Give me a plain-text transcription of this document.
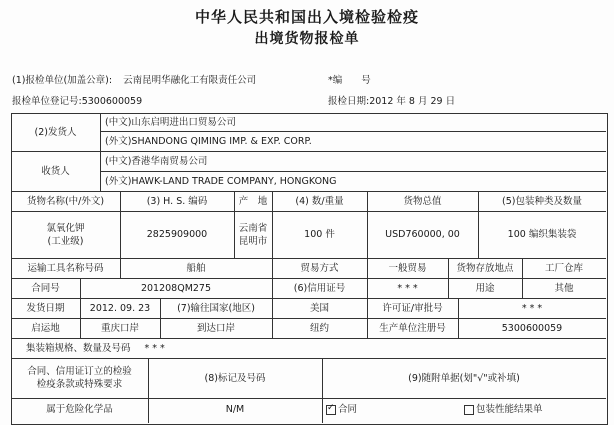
中华人民共和国出入境检验检疫
出境货物报检单
(1)报检单位(加盖公章): 云南昆明华融化工有限责任公司	*编　　号
报检单位登记号:5300600059	报检日期:2012 年 8 月 29 日
(2)发货人
(中文) 山东启明进出口贸易公司
(外文) SHANDONG QIMING IMP. & EXP. CORP.
收货人
(中文) 香港华南贸易公司
(外文) HAWK-LAND TRADE COMPANY, HONGKONG
货物名称(中/外文)	(3) H. S. 编码	产　地	(4) 数/重量	货物总值	(5)包装种类及数量
氯氧化钾
(工业级)
2825909000
云南省
昆明市
100 件	USD760000, 00	100 编织集装袋
运输工具名称号码	船舶	贸易方式	一般贸易	货物存放地点	工厂仓库
合同号	201208QM275	(6)信用证号	* * *	用途	其他
发货日期	2012. 09. 23	(7)输往国家(地区)	美国	许可证/审批号	* * *
启运地	重庆口岸	到达口岸	纽约	生产单位注册号	5300600059
集装箱规格、数量及号码 * * *
合同、信用证订立的检验
检疫条款或特殊要求
(8)标记及号码	(9)随附单据(划"√"或补填)
属于危险化学品	N/M
✓	合同	包装性能结果单
